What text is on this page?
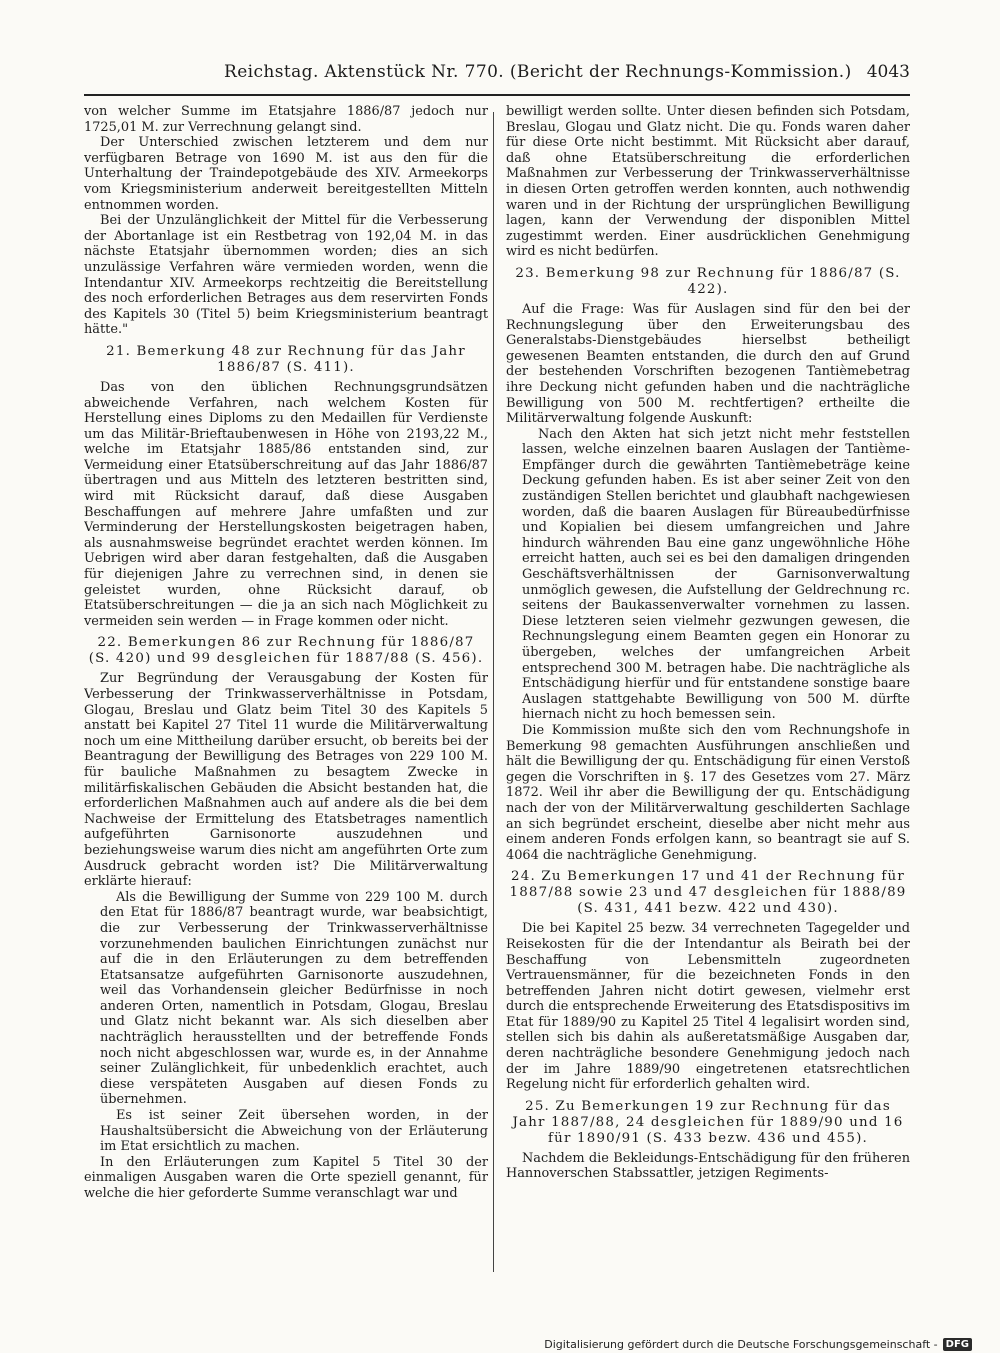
Reichstag. Aktenstück Nr. 770. (Bericht der Rechnungs-Kommission.) 4043

von welcher Summe im Etatsjahre 1886/87 jedoch nur 1725,01 M. zur Verrechnung gelangt sind.

Der Unterschied zwischen letzterem und dem nur verfügbaren Betrage von 1690 M. ist aus den für die Unterhaltung der Traindepotgebäude des XIV. Armeekorps vom Kriegsministerium anderweit bereitgestellten Mitteln entnommen worden.

Bei der Unzulänglichkeit der Mittel für die Verbesserung der Abortanlage ist ein Restbetrag von 192,04 M. in das nächste Etatsjahr übernommen worden; dies an sich unzulässige Verfahren wäre vermieden worden, wenn die Intendantur XIV. Armeekorps rechtzeitig die Bereitstellung des noch erforderlichen Betrages aus dem reservirten Fonds des Kapitels 30 (Titel 5) beim Kriegsministerium beantragt hätte."

21. Bemerkung 48 zur Rechnung für das Jahr 1886/87 (S. 411).

Das von den üblichen Rechnungsgrundsätzen abweichende Verfahren, nach welchem Kosten für Herstellung eines Diploms zu den Medaillen für Verdienste um das Militär-Brieftaubenwesen in Höhe von 2193,22 M., welche im Etatsjahr 1885/86 entstanden sind, zur Vermeidung einer Etatsüberschreitung auf das Jahr 1886/87 übertragen und aus Mitteln des letzteren bestritten sind, wird mit Rücksicht darauf, daß diese Ausgaben Beschaffungen auf mehrere Jahre umfaßten und zur Verminderung der Herstellungskosten beigetragen haben, als ausnahmsweise begründet erachtet werden können. Im Uebrigen wird aber daran festgehalten, daß die Ausgaben für diejenigen Jahre zu verrechnen sind, in denen sie geleistet wurden, ohne Rücksicht darauf, ob Etatsüberschreitungen — die ja an sich nach Möglichkeit zu vermeiden sein werden — in Frage kommen oder nicht.

22. Bemerkungen 86 zur Rechnung für 1886/87 (S. 420) und 99 desgleichen für 1887/88 (S. 456).

Zur Begründung der Verausgabung der Kosten für Verbesserung der Trinkwasserverhältnisse in Potsdam, Glogau, Breslau und Glatz beim Titel 30 des Kapitels 5 anstatt bei Kapitel 27 Titel 11 wurde die Militärverwaltung noch um eine Mittheilung darüber ersucht, ob bereits bei der Beantragung der Bewilligung des Betrages von 229 100 M. für bauliche Maßnahmen zu besagtem Zwecke in militärfiskalischen Gebäuden die Absicht bestanden hat, die erforderlichen Maßnahmen auch auf andere als die bei dem Nachweise der Ermittelung des Etatsbetrages namentlich aufgeführten Garnisonorte auszudehnen und beziehungsweise warum dies nicht am angeführten Orte zum Ausdruck gebracht worden ist? Die Militärverwaltung erklärte hierauf:

Als die Bewilligung der Summe von 229 100 M. durch den Etat für 1886/87 beantragt wurde, war beabsichtigt, die zur Verbesserung der Trinkwasserverhältnisse vorzunehmenden baulichen Einrichtungen zunächst nur auf die in den Erläuterungen zu dem betreffenden Etatsansatze aufgeführten Garnisonorte auszudehnen, weil das Vorhandensein gleicher Bedürfnisse in noch anderen Orten, namentlich in Potsdam, Glogau, Breslau und Glatz nicht bekannt war. Als sich dieselben aber nachträglich herausstellten und der betreffende Fonds noch nicht abgeschlossen war, wurde es, in der Annahme seiner Zulänglichkeit, für unbedenklich erachtet, auch diese verspäteten Ausgaben auf diesen Fonds zu übernehmen.

Es ist seiner Zeit übersehen worden, in der Haushaltsübersicht die Abweichung von der Erläuterung im Etat ersichtlich zu machen.

In den Erläuterungen zum Kapitel 5 Titel 30 der einmaligen Ausgaben waren die Orte speziell genannt, für welche die hier geforderte Summe veranschlagt war und

bewilligt werden sollte. Unter diesen befinden sich Potsdam, Breslau, Glogau und Glatz nicht. Die qu. Fonds waren daher für diese Orte nicht bestimmt. Mit Rücksicht aber darauf, daß ohne Etatsüberschreitung die erforderlichen Maßnahmen zur Verbesserung der Trinkwasserverhältnisse in diesen Orten getroffen werden konnten, auch nothwendig waren und in der Richtung der ursprünglichen Bewilligung lagen, kann der Verwendung der disponiblen Mittel zugestimmt werden. Einer ausdrücklichen Genehmigung wird es nicht bedürfen.

23. Bemerkung 98 zur Rechnung für 1886/87 (S. 422).

Auf die Frage: Was für Auslagen sind für den bei der Rechnungslegung über den Erweiterungsbau des Generalstabs-Dienstgebäudes hierselbst betheiligt gewesenen Beamten entstanden, die durch den auf Grund der bestehenden Vorschriften bezogenen Tantièmebetrag ihre Deckung nicht gefunden haben und die nachträgliche Bewilligung von 500 M. rechtfertigen? ertheilte die Militärverwaltung folgende Auskunft:

Nach den Akten hat sich jetzt nicht mehr feststellen lassen, welche einzelnen baaren Auslagen der Tantième-Empfänger durch die gewährten Tantièmebeträge keine Deckung gefunden haben. Es ist aber seiner Zeit von den zuständigen Stellen berichtet und glaubhaft nachgewiesen worden, daß die baaren Auslagen für Büreaubedürfnisse und Kopialien bei diesem umfangreichen und Jahre hindurch währenden Bau eine ganz ungewöhnliche Höhe erreicht hatten, auch sei es bei den damaligen dringenden Geschäftsverhältnissen der Garnisonverwaltung unmöglich gewesen, die Aufstellung der Geldrechnung rc. seitens der Baukassenverwalter vornehmen zu lassen. Diese letzteren seien vielmehr gezwungen gewesen, die Rechnungslegung einem Beamten gegen ein Honorar zu übergeben, welches der umfangreichen Arbeit entsprechend 300 M. betragen habe. Die nachträgliche als Entschädigung hierfür und für entstandene sonstige baare Auslagen stattgehabte Bewilligung von 500 M. dürfte hiernach nicht zu hoch bemessen sein.

Die Kommission mußte sich den vom Rechnungshofe in Bemerkung 98 gemachten Ausführungen anschließen und hält die Bewilligung der qu. Entschädigung für einen Verstoß gegen die Vorschriften in §. 17 des Gesetzes vom 27. März 1872. Weil ihr aber die Bewilligung der qu. Entschädigung nach der von der Militärverwaltung geschilderten Sachlage an sich begründet erscheint, dieselbe aber nicht mehr aus einem anderen Fonds erfolgen kann, so beantragt sie auf S. 4064 die nachträgliche Genehmigung.

24. Zu Bemerkungen 17 und 41 der Rechnung für 1887/88 sowie 23 und 47 desgleichen für 1888/89 (S. 431, 441 bezw. 422 und 430).

Die bei Kapitel 25 bezw. 34 verrechneten Tagegelder und Reisekosten für die der Intendantur als Beirath bei der Beschaffung von Lebensmitteln zugeordneten Vertrauensmänner, für die bezeichneten Fonds in den betreffenden Jahren nicht dotirt gewesen, vielmehr erst durch die entsprechende Erweiterung des Etatsdispositivs im Etat für 1889/90 zu Kapitel 25 Titel 4 legalisirt worden sind, stellen sich bis dahin als außeretatsmäßige Ausgaben dar, deren nachträgliche besondere Genehmigung jedoch nach der im Jahre 1889/90 eingetretenen etatsrechtlichen Regelung nicht für erforderlich gehalten wird.

25. Zu Bemerkungen 19 zur Rechnung für das Jahr 1887/88, 24 desgleichen für 1889/90 und 16 für 1890/91 (S. 433 bezw. 436 und 455).

Nachdem die Bekleidungs-Entschädigung für den früheren Hannoverschen Stabssattler, jetzigen Regiments-

Digitalisierung gefördert durch die Deutsche Forschungsgemeinschaft - DFG
